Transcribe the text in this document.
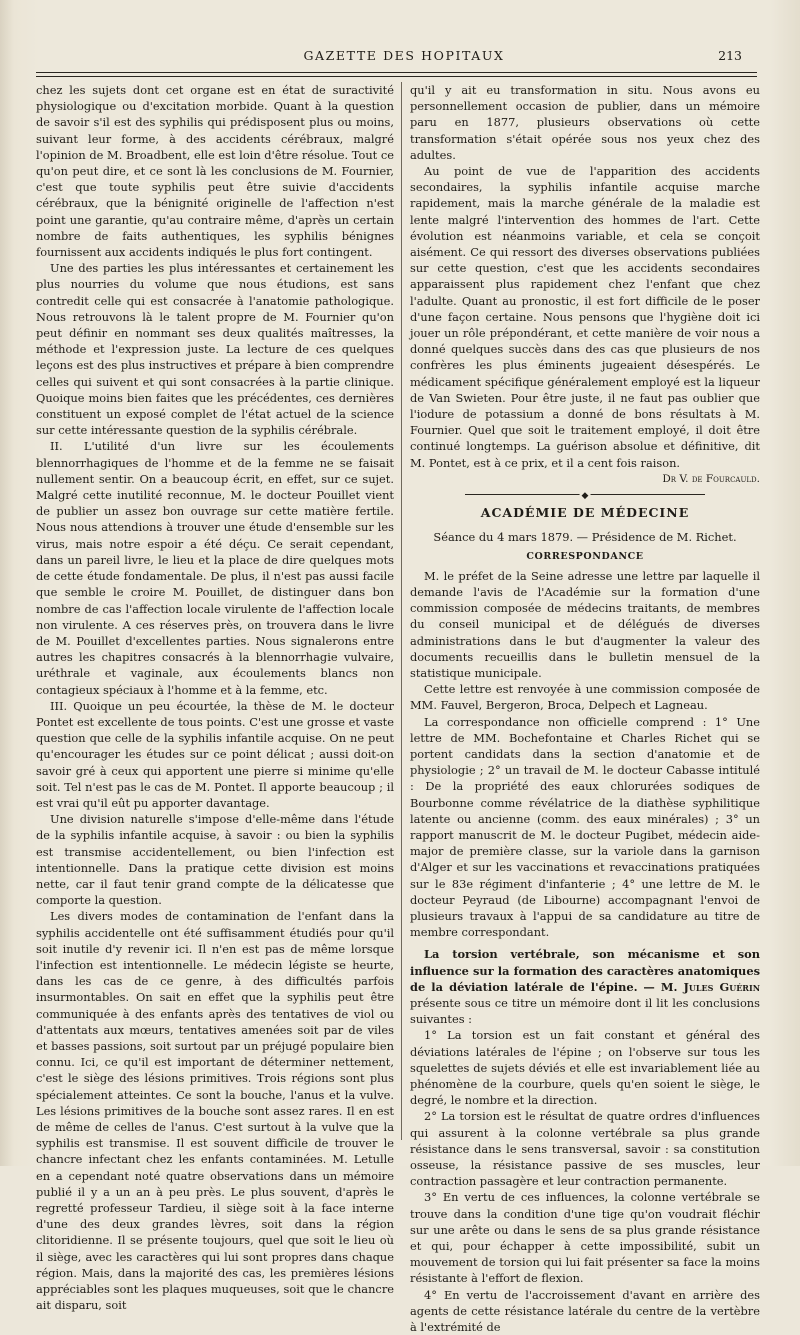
GAZETTE DES HOPITAUX	213

chez les sujets dont cet organe est en état de suractivité physiologique ou d'excitation morbide. Quant à la question de savoir s'il est des syphilis qui prédisposent plus ou moins, suivant leur forme, à des accidents cérébraux, malgré l'opinion de M. Broadbent, elle est loin d'être résolue. Tout ce qu'on peut dire, et ce sont là les conclusions de M. Fournier, c'est que toute syphilis peut être suivie d'accidents cérébraux, que la bénignité originelle de l'affection n'est point une garantie, qu'au contraire même, d'après un certain nombre de faits authentiques, les syphilis bénignes fournissent aux accidents indiqués le plus fort contingent.

Une des parties les plus intéressantes et certainement les plus nourries du volume que nous étudions, est sans contredit celle qui est consacrée à l'anatomie pathologique. Nous retrouvons là le talent propre de M. Fournier qu'on peut définir en nommant ses deux qualités maîtresses, la méthode et l'expression juste. La lecture de ces quelques leçons est des plus instructives et prépare à bien comprendre celles qui suivent et qui sont consacrées à la partie clinique. Quoique moins bien faites que les précédentes, ces dernières constituent un exposé complet de l'état actuel de la science sur cette intéressante question de la syphilis cérébrale.

II. L'utilité d'un livre sur les écoulements blennorrhagiques de l'homme et de la femme ne se faisait nullement sentir. On a beaucoup écrit, en effet, sur ce sujet. Malgré cette inutilité reconnue, M. le docteur Pouillet vient de publier un assez bon ouvrage sur cette matière fertile. Nous nous attendions à trouver une étude d'ensemble sur les virus, mais notre espoir a été déçu. Ce serait cependant, dans un pareil livre, le lieu et la place de dire quelques mots de cette étude fondamentale. De plus, il n'est pas aussi facile que semble le croire M. Pouillet, de distinguer dans bon nombre de cas l'affection locale virulente de l'affection locale non virulente. A ces réserves près, on trouvera dans le livre de M. Pouillet d'excellentes parties. Nous signalerons entre autres les chapitres consacrés à la blennorrhagie vulvaire, uréthrale et vaginale, aux écoulements blancs non contagieux spéciaux à l'homme et à la femme, etc.

III. Quoique un peu écourtée, la thèse de M. le docteur Pontet est excellente de tous points. C'est une grosse et vaste question que celle de la syphilis infantile acquise. On ne peut qu'encourager les études sur ce point délicat ; aussi doit-on savoir gré à ceux qui apportent une pierre si minime qu'elle soit. Tel n'est pas le cas de M. Pontet. Il apporte beaucoup ; il est vrai qu'il eût pu apporter davantage.

Une division naturelle s'impose d'elle-même dans l'étude de la syphilis infantile acquise, à savoir : ou bien la syphilis est transmise accidentellement, ou bien l'infection est intentionnelle. Dans la pratique cette division est moins nette, car il faut tenir grand compte de la délicatesse que comporte la question.

Les divers modes de contamination de l'enfant dans la syphilis accidentelle ont été suffisamment étudiés pour qu'il soit inutile d'y revenir ici. Il n'en est pas de même lorsque l'infection est intentionnelle. Le médecin légiste se heurte, dans les cas de ce genre, à des difficultés parfois insurmontables. On sait en effet que la syphilis peut être communiquée à des enfants après des tentatives de viol ou d'attentats aux mœurs, tentatives amenées soit par de viles et basses passions, soit surtout par un préjugé populaire bien connu. Ici, ce qu'il est important de déterminer nettement, c'est le siège des lésions primitives. Trois régions sont plus spécialement atteintes. Ce sont la bouche, l'anus et la vulve. Les lésions primitives de la bouche sont assez rares. Il en est de même de celles de l'anus. C'est surtout à la vulve que la syphilis est transmise. Il est souvent difficile de trouver le chancre infectant chez les enfants contaminées. M. Letulle en a cependant noté quatre observations dans un mémoire publié il y a un an à peu près. Le plus souvent, d'après le regretté professeur Tardieu, il siège soit à la face interne d'une des deux grandes lèvres, soit dans la région clitoridienne. Il se présente toujours, quel que soit le lieu où il siège, avec les caractères qui lui sont propres dans chaque région. Mais, dans la majorité des cas, les premières lésions appréciables sont les plaques muqueuses, soit que le chancre ait disparu, soit

qu'il y ait eu transformation in situ. Nous avons eu personnellement occasion de publier, dans un mémoire paru en 1877, plusieurs observations où cette transformation s'était opérée sous nos yeux chez des adultes.

Au point de vue de l'apparition des accidents secondaires, la syphilis infantile acquise marche rapidement, mais la marche générale de la maladie est lente malgré l'intervention des hommes de l'art. Cette évolution est néanmoins variable, et cela se conçoit aisément. Ce qui ressort des diverses observations publiées sur cette question, c'est que les accidents secondaires apparaissent plus rapidement chez l'enfant que chez l'adulte. Quant au pronostic, il est fort difficile de le poser d'une façon certaine. Nous pensons que l'hygiène doit ici jouer un rôle prépondérant, et cette manière de voir nous a donné quelques succès dans des cas que plusieurs de nos confrères les plus éminents jugeaient désespérés. Le médicament spécifique généralement employé est la liqueur de Van Swieten. Pour être juste, il ne faut pas oublier que l'iodure de potassium a donné de bons résultats à M. Fournier. Quel que soit le traitement employé, il doit être continué longtemps. La guérison absolue et définitive, dit M. Pontet, est à ce prix, et il a cent fois raison.

Dr V. de Fourcauld.
◆
ACADÉMIE DE MÉDECINE
Séance du 4 mars 1879. — Présidence de M. Richet.
CORRESPONDANCE

M. le préfet de la Seine adresse une lettre par laquelle il demande l'avis de l'Académie sur la formation d'une commission composée de médecins traitants, de membres du conseil municipal et de délégués de diverses administrations dans le but d'augmenter la valeur des documents recueillis dans le bulletin mensuel de la statistique municipale.

Cette lettre est renvoyée à une commission composée de MM. Fauvel, Bergeron, Broca, Delpech et Lagneau.

La correspondance non officielle comprend : 1° Une lettre de MM. Bochefontaine et Charles Richet qui se portent candidats dans la section d'anatomie et de physiologie ; 2° un travail de M. le docteur Cabasse intitulé : De la propriété des eaux chlorurées sodiques de Bourbonne comme révélatrice de la diathèse syphilitique latente ou ancienne (comm. des eaux minérales) ; 3° un rapport manuscrit de M. le docteur Pugibet, médecin aide-major de première classe, sur la variole dans la garnison d'Alger et sur les vaccinations et revaccinations pratiquées sur le 83e régiment d'infanterie ; 4° une lettre de M. le docteur Peyraud (de Libourne) accompagnant l'envoi de plusieurs travaux à l'appui de sa candidature au titre de membre correspondant.

La torsion vertébrale, son mécanisme et son influence sur la formation des caractères anatomiques de la déviation latérale de l'épine. — M. Jules Guérin présente sous ce titre un mémoire dont il lit les conclusions suivantes :

1° La torsion est un fait constant et général des déviations latérales de l'épine ; on l'observe sur tous les squelettes de sujets déviés et elle est invariablement liée au phénomène de la courbure, quels qu'en soient le siège, le degré, le nombre et la direction.

2° La torsion est le résultat de quatre ordres d'influences qui assurent à la colonne vertébrale sa plus grande résistance dans le sens transversal, savoir : sa constitution osseuse, la résistance passive de ses muscles, leur contraction passagère et leur contraction permanente.

3° En vertu de ces influences, la colonne vertébrale se trouve dans la condition d'une tige qu'on voudrait fléchir sur une arête ou dans le sens de sa plus grande résistance et qui, pour échapper à cette impossibilité, subit un mouvement de torsion qui lui fait présenter sa face la moins résistante à l'effort de flexion.

4° En vertu de l'accroissement d'avant en arrière des agents de cette résistance latérale du centre de la vertèbre à l'extrémité de
